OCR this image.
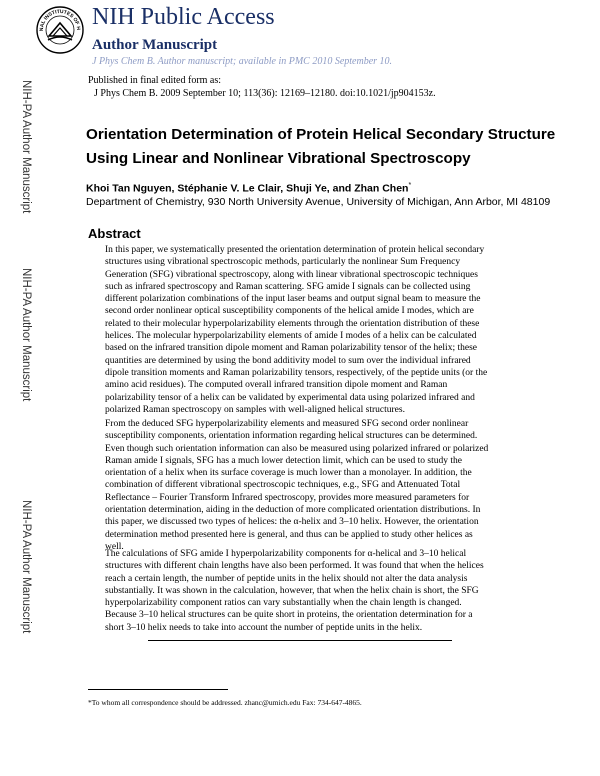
NIH-PA Author Manuscript
NIH-PA Author Manuscript
NIH-PA Author Manuscript
NAL INSTITUTES OF H NIH Public Access
Author Manuscript
J Phys Chem B. Author manuscript; available in PMC 2010 September 10.
Published in final edited form as:
J Phys Chem B. 2009 September 10; 113(36): 12169–12180. doi:10.1021/jp904153z.
Orientation Determination of Protein Helical Secondary Structure
Using Linear and Nonlinear Vibrational Spectroscopy
Khoi Tan Nguyen, Stéphanie V. Le Clair, Shuji Ye, and Zhan Chen*
Department of Chemistry, 930 North University Avenue, University of Michigan, Ann Arbor, MI 48109
Abstract

In this paper, we systematically presented the orientation determination of protein helical secondary structures using vibrational spectroscopic methods, particularly the nonlinear Sum Frequency Generation (SFG) vibrational spectroscopy, along with linear vibrational spectroscopic techniques such as infrared spectroscopy and Raman scattering. SFG amide I signals can be collected using different polarization combinations of the input laser beams and output signal beam to measure the second order nonlinear optical susceptibility components of the helical amide I modes, which are related to their molecular hyperpolarizability elements through the orientation distribution of these helices. The molecular hyperpolarizability elements of amide I modes of a helix can be calculated based on the infrared transition dipole moment and Raman polarizability tensor of the helix; these quantities are determined by using the bond additivity model to sum over the individual infrared dipole transition moments and Raman polarizability tensors, respectively, of the peptide units (or the amino acid residues). The computed overall infrared transition dipole moment and Raman polarizability tensor of a helix can be validated by experimental data using polarized infrared and polarized Raman spectroscopy on samples with well-aligned helical structures.

From the deduced SFG hyperpolarizability elements and measured SFG second order nonlinear susceptibility components, orientation information regarding helical structures can be determined. Even though such orientation information can also be measured using polarized infrared or polarized Raman amide I signals, SFG has a much lower detection limit, which can be used to study the orientation of a helix when its surface coverage is much lower than a monolayer. In addition, the combination of different vibrational spectroscopic techniques, e.g., SFG and Attenuated Total Reflectance – Fourier Transform Infrared spectroscopy, provides more measured parameters for orientation determination, aiding in the deduction of more complicated orientation distributions. In this paper, we discussed two types of helices: the α-helix and 3–10 helix. However, the orientation determination method presented here is general, and thus can be applied to study other helices as well.

The calculations of SFG amide I hyperpolarizability components for α-helical and 3–10 helical structures with different chain lengths have also been performed. It was found that when the helices reach a certain length, the number of peptide units in the helix should not alter the data analysis substantially. It was shown in the calculation, however, that when the helix chain is short, the SFG hyperpolarizability component ratios can vary substantially when the chain length is changed. Because 3–10 helical structures can be quite short in proteins, the orientation determination for a short 3–10 helix needs to take into account the number of peptide units in the helix.

*To whom all correspondence should be addressed. zhanc@umich.edu Fax: 734-647-4865.
